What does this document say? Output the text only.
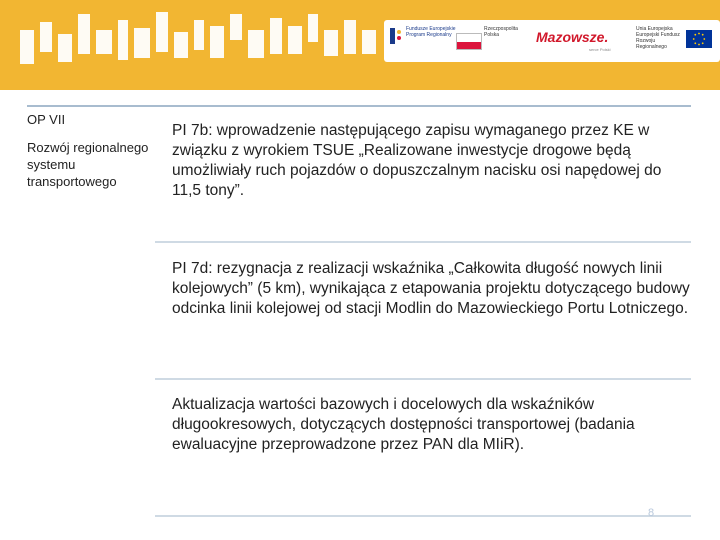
Fundusze Europejskie Program Regionalny
Rzeczpospolita Polska	Mazowsze.
serce Polski
Unia Europejska Europejski Fundusz Rozwoju Regionalnego
OP VII
Rozwój regionalnego systemu transportowego
PI 7b: wprowadzenie następującego zapisu wymaganego przez KE w związku z wyrokiem TSUE „Realizowane inwestycje drogowe będą umożliwiały ruch pojazdów o dopuszczalnym nacisku osi napędowej do 11,5 tony”.
PI 7d: rezygnacja z realizacji wskaźnika „Całkowita długość nowych linii kolejowych” (5 km), wynikająca z etapowania projektu dotyczącego budowy odcinka linii kolejowej od stacji Modlin do Mazowieckiego Portu Lotniczego.
Aktualizacja wartości bazowych i docelowych dla wskaźników długookresowych, dotyczących dostępności transportowej (badania ewaluacyjne przeprowadzone przez PAN dla MIiR).
8
